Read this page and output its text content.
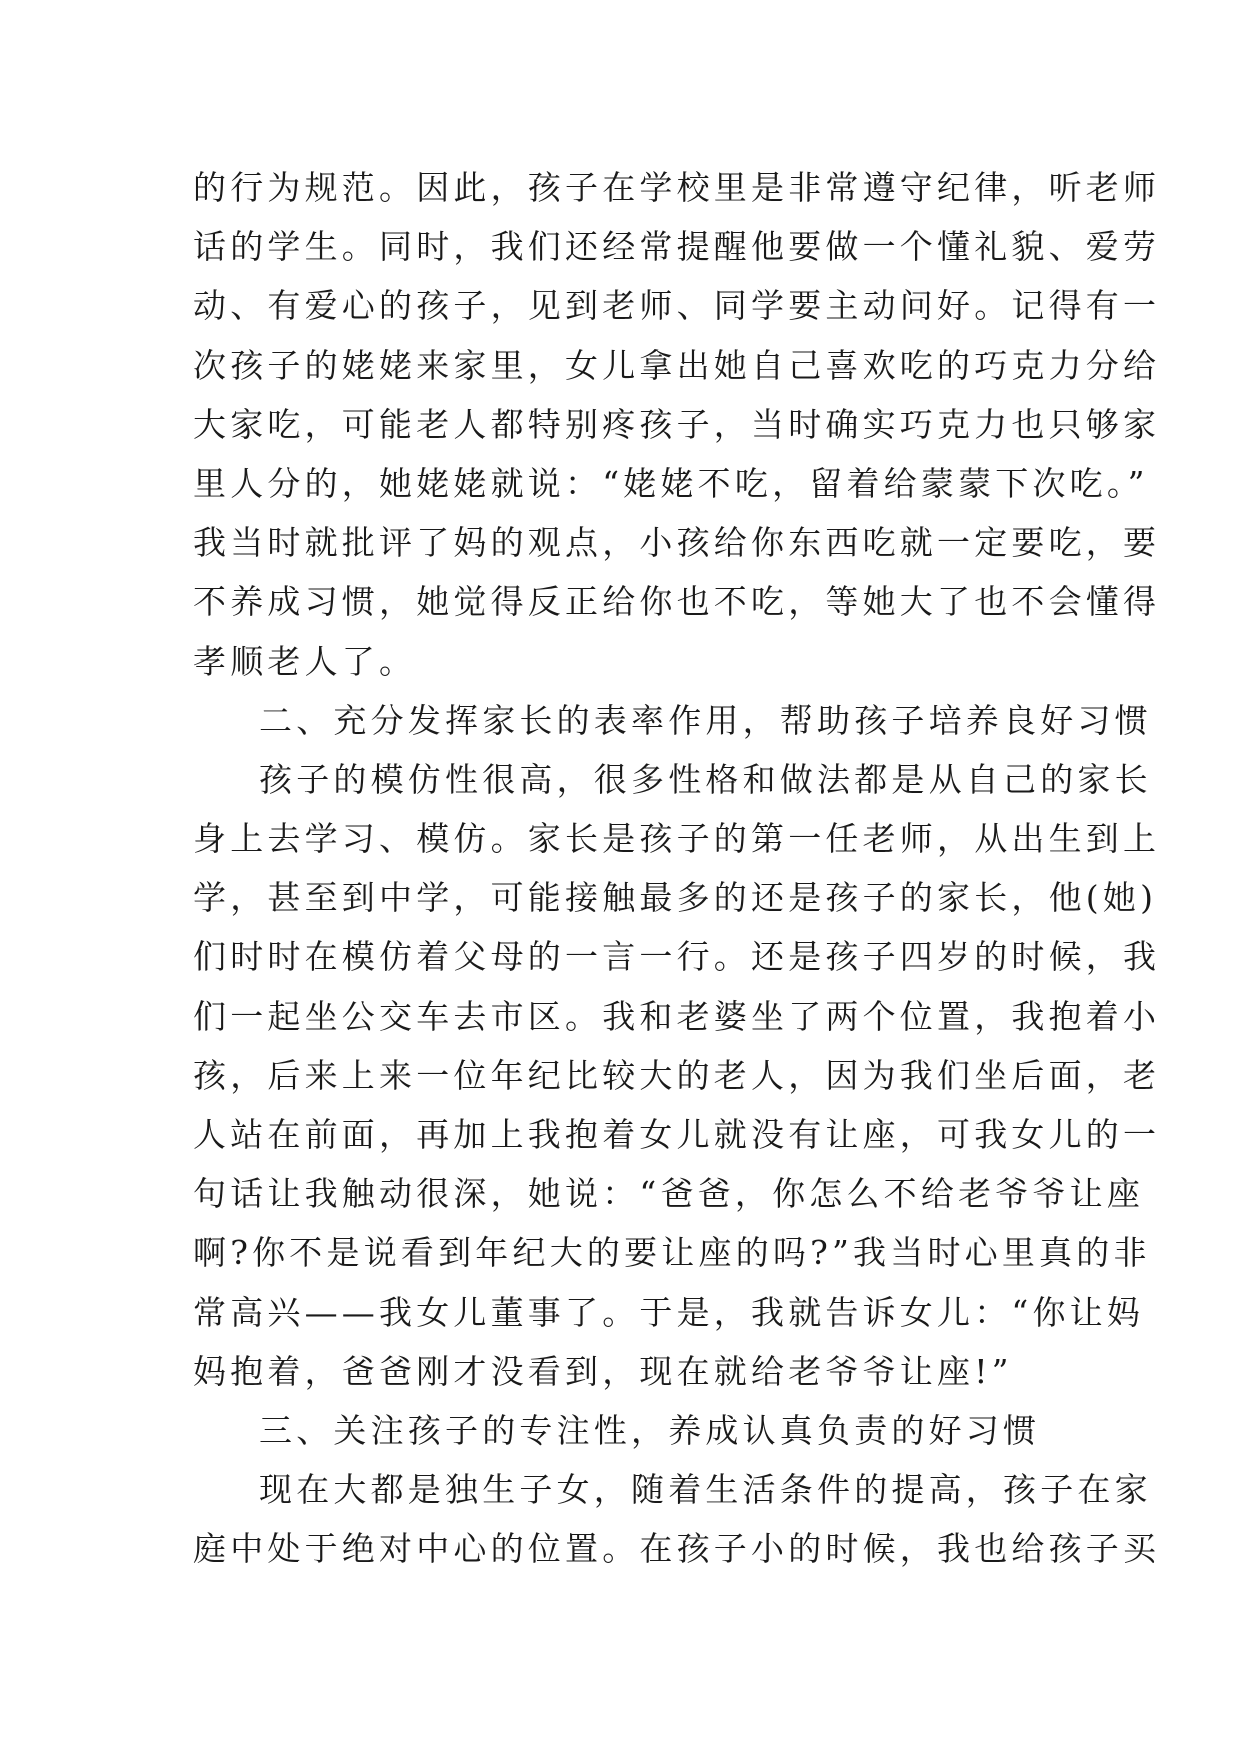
的行为规范。因此，孩子在学校里是非常遵守纪律，听老师
话的学生。同时，我们还经常提醒他要做一个懂礼貌、爱劳
动、有爱心的孩子，见到老师、同学要主动问好。记得有一
次孩子的姥姥来家里，女儿拿出她自己喜欢吃的巧克力分给
大家吃，可能老人都特别疼孩子，当时确实巧克力也只够家
里人分的，她姥姥就说：“姥姥不吃，留着给蒙蒙下次吃。”
我当时就批评了妈的观点，小孩给你东西吃就一定要吃，要
不养成习惯，她觉得反正给你也不吃，等她大了也不会懂得
孝顺老人了。
二、充分发挥家长的表率作用，帮助孩子培养良好习惯
孩子的模仿性很高，很多性格和做法都是从自己的家长
身上去学习、模仿。家长是孩子的第一任老师，从出生到上
学，甚至到中学，可能接触最多的还是孩子的家长，他(她)
们时时在模仿着父母的一言一行。还是孩子四岁的时候，我
们一起坐公交车去市区。我和老婆坐了两个位置，我抱着小
孩，后来上来一位年纪比较大的老人，因为我们坐后面，老
人站在前面，再加上我抱着女儿就没有让座，可我女儿的一
句话让我触动很深，她说：“爸爸，你怎么不给老爷爷让座
啊?你不是说看到年纪大的要让座的吗?”我当时心里真的非
常高兴——我女儿董事了。于是，我就告诉女儿：“你让妈
妈抱着，爸爸刚才没看到，现在就给老爷爷让座!”
三、关注孩子的专注性，养成认真负责的好习惯
现在大都是独生子女，随着生活条件的提高，孩子在家
庭中处于绝对中心的位置。在孩子小的时候，我也给孩子买
